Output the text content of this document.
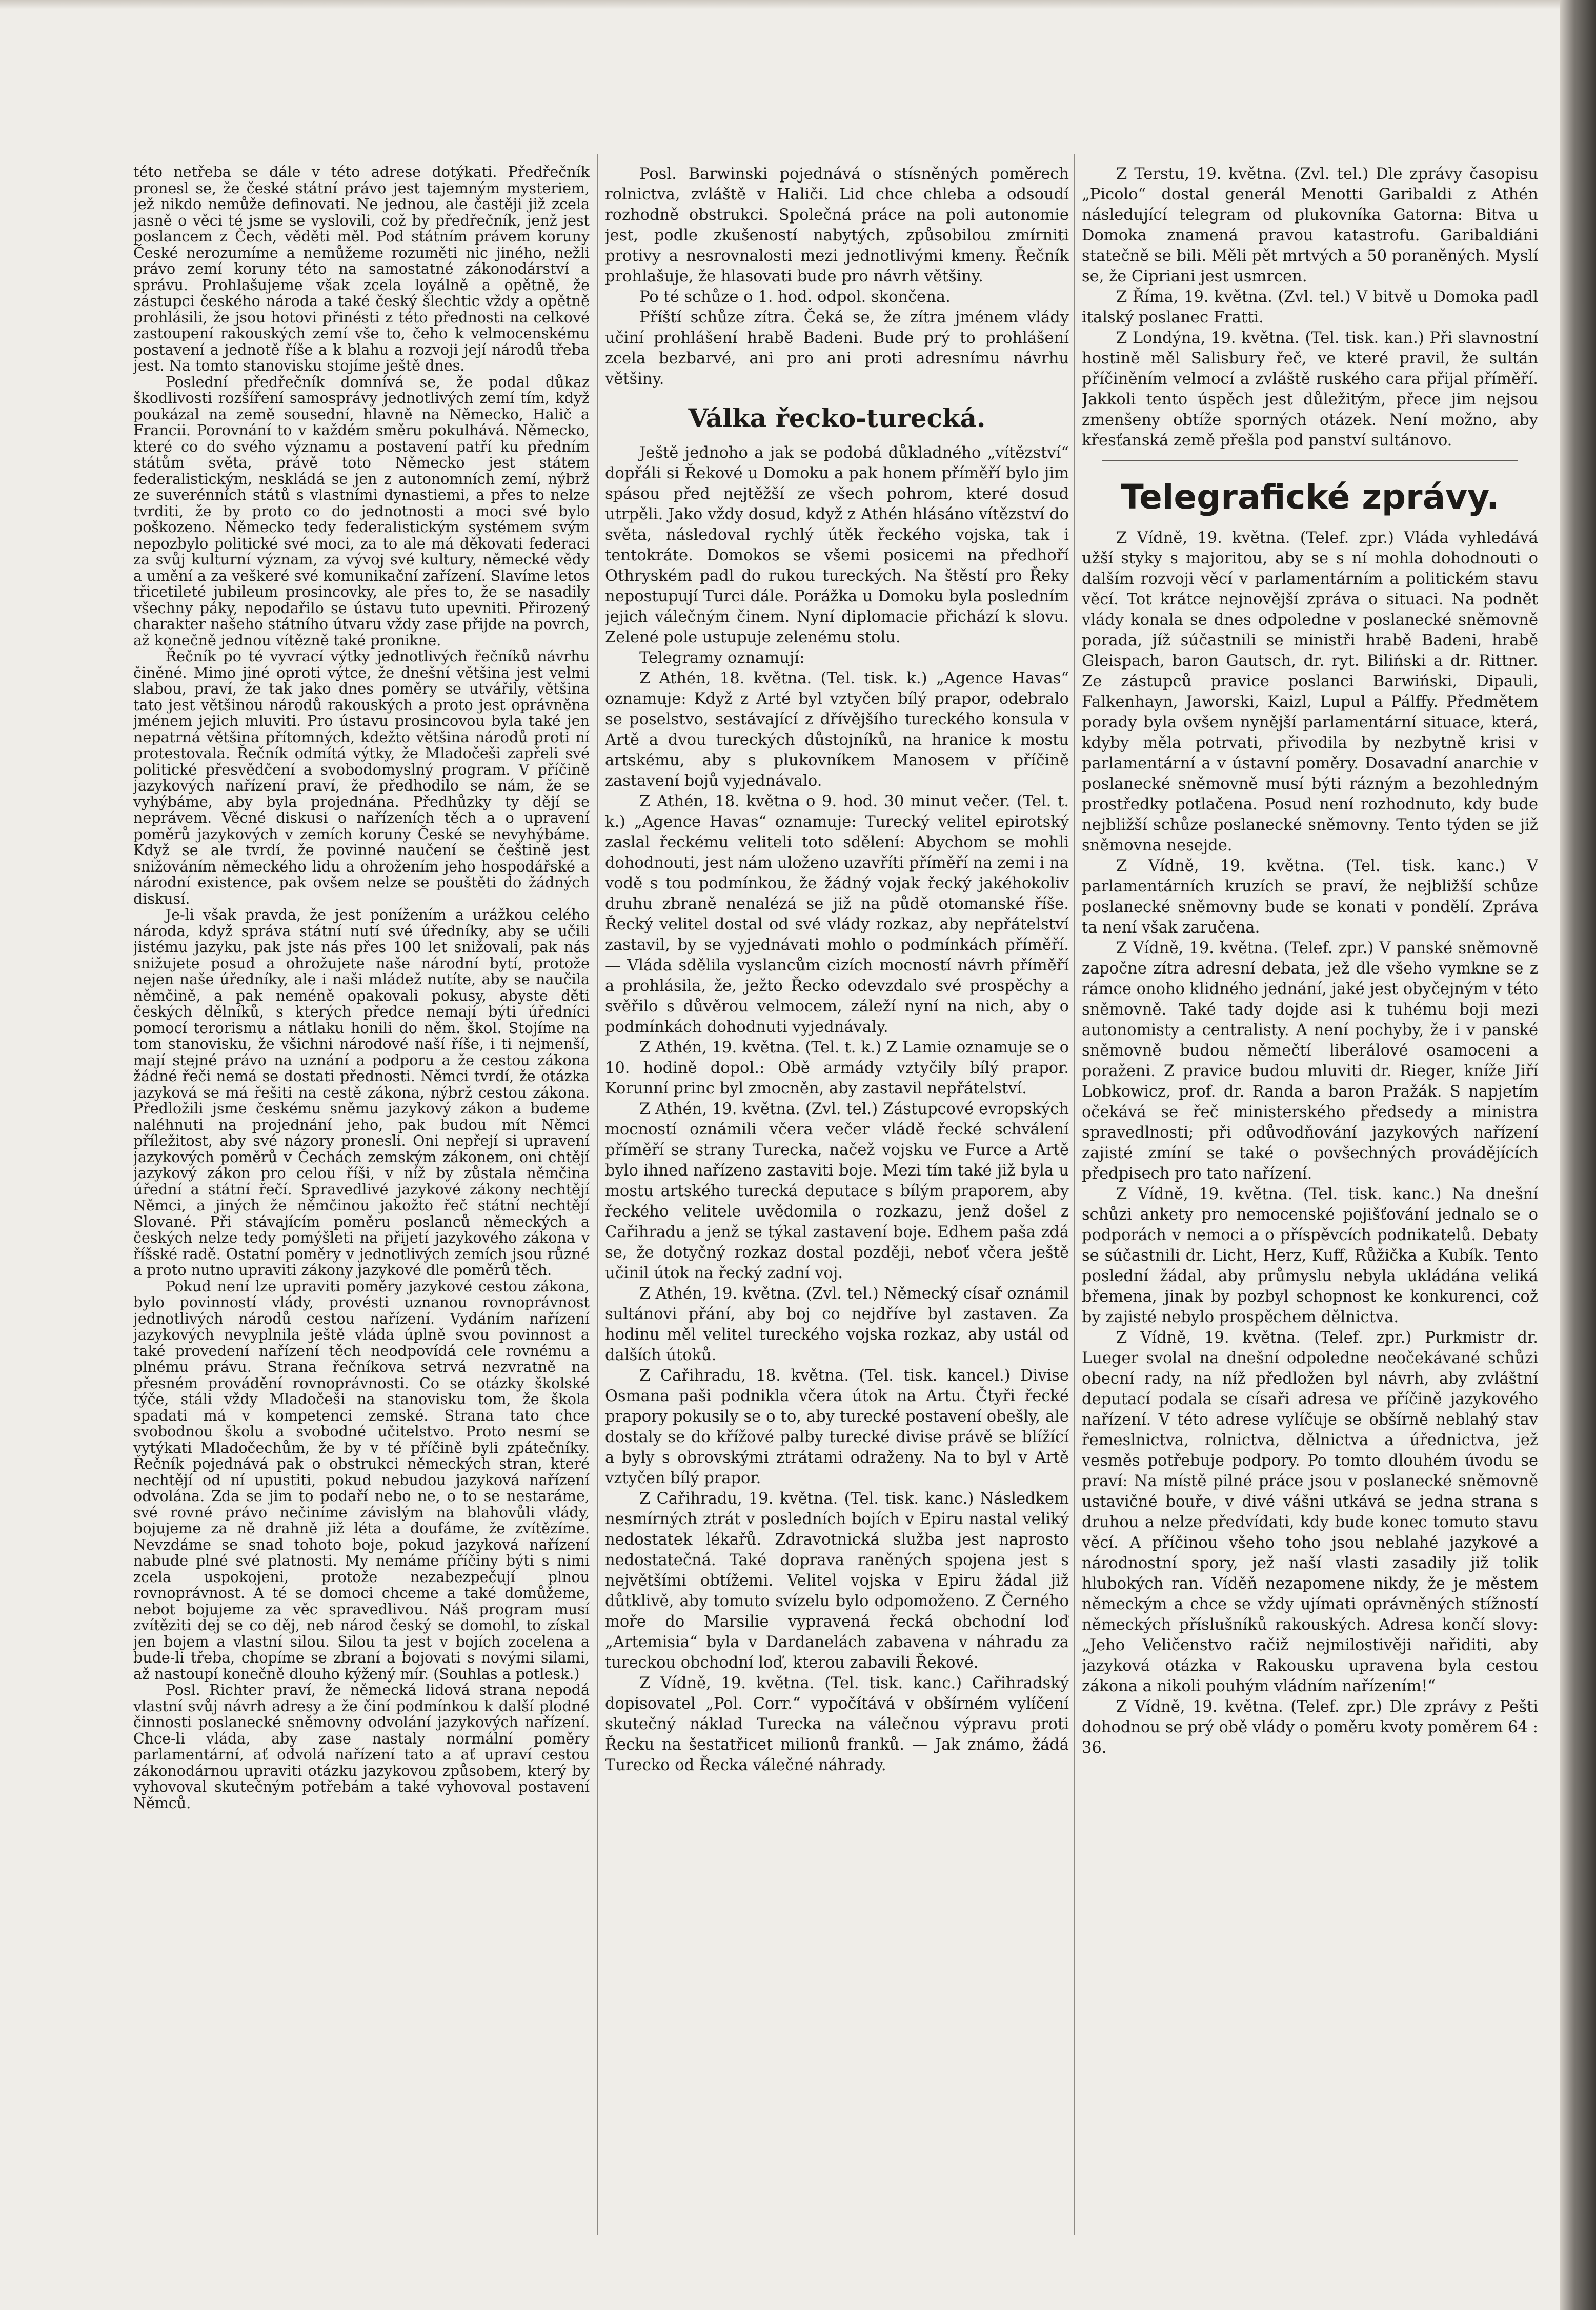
této netřeba se dále v této adrese dotýkati. Předřečník pronesl se, že české státní právo jest tajemným mysteriem, jež nikdo nemůže definovati. Ne jednou, ale častěji již zcela jasně o věci té jsme se vyslovili, což by předřečník, jenž jest poslancem z Čech, věděti měl. Pod státním právem koruny České nerozumíme a nemůžeme rozuměti nic jiného, nežli právo zemí koruny této na samostatné zákonodárství a správu. Prohlašujeme však zcela loyálně a opětně, že zástupci českého národa a také český šlechtic vždy a opětně prohlásili, že jsou hotovi přinésti z této přednosti na celkové zastoupení rakouských zemí vše to, čeho k velmocenskému postavení a jednotě říše a k blahu a rozvoji její národů třeba jest. Na tomto stanovisku stojíme ještě dnes.

Poslední předřečník domnívá se, že podal důkaz škodlivosti rozšíření samosprávy jednotlivých zemí tím, když poukázal na země sousední, hlavně na Německo, Halič a Francii. Porovnání to v každém směru pokulhává. Německo, které co do svého významu a postavení patří ku předním státům světa, právě toto Německo jest státem federalistickým, neskládá se jen z autonomních zemí, nýbrž ze suverénních států s vlastními dynastiemi, a přes to nelze tvrditi, že by proto co do jednotnosti a moci své bylo poškozeno. Německo tedy federalistickým systémem svým nepozbylo politické své moci, za to ale má děkovati federaci za svůj kulturní význam, za vývoj své kultury, německé vědy a umění a za veškeré své komunikační zařízení. Slavíme letos třicetileté jubileum prosincovky, ale přes to, že se nasadily všechny páky, nepodařilo se ústavu tuto upevniti. Přirozený charakter našeho státního útvaru vždy zase přijde na povrch, až konečně jednou vítězně také pronikne.

Řečník po té vyvrací výtky jednotlivých řečníků návrhu činěné. Mimo jiné oproti výtce, že dnešní většina jest velmi slabou, praví, že tak jako dnes poměry se utvářily, většina tato jest většinou národů rakouských a proto jest oprávněna jménem jejich mluviti. Pro ústavu prosincovou byla také jen nepatrná většina přítomných, kdežto většina národů proti ní protestovala. Řečník odmítá výtky, že Mladočeši zapřeli své politické přesvědčení a svobodomyslný program. V příčině jazykových nařízení praví, že předhodilo se nám, že se vyhýbáme, aby byla projednána. Předhůzky ty dějí se neprávem. Věcné diskusi o nařízeních těch a o upravení poměrů jazykových v zemích koruny České se nevyhýbáme. Když se ale tvrdí, že povinné naučení se češtině jest snižováním německého lidu a ohrožením jeho hospodářské a národní existence, pak ovšem nelze se pouštěti do žádných diskusí.

Je-li však pravda, že jest ponížením a urážkou celého národa, když správa státní nutí své úředníky, aby se učili jistému jazyku, pak jste nás přes 100 let snižovali, pak nás snižujete posud a ohrožujete naše národní bytí, protože nejen naše úředníky, ale i naši mládež nutíte, aby se naučila němčině, a pak neméně opakovali pokusy, abyste děti českých dělníků, s kterých předce nemají býti úředníci pomocí terorismu a nátlaku honili do něm. škol. Stojíme na tom stanovisku, že všichni národové naší říše, i ti nejmenší, mají stejné právo na uznání a podporu a že cestou zákona žádné řeči nemá se dostati přednosti. Němci tvrdí, že otázka jazyková se má řešiti na cestě zákona, nýbrž cestou zákona. Předložili jsme českému sněmu jazykový zákon a budeme naléhnuti na projednání jeho, pak budou mít Němci příležitost, aby své názory pronesli. Oni nepřejí si upravení jazykových poměrů v Čechách zemským zákonem, oni chtějí jazykový zákon pro celou říši, v níž by zůstala němčina úřední a státní řečí. Spravedlivé jazykové zákony nechtějí Němci, a jiných že němčinou jakožto řeč státní nechtějí Slované. Při stávajícím poměru poslanců německých a českých nelze tedy pomýšleti na přijetí jazykového zákona v říšské radě. Ostatní poměry v jednotlivých zemích jsou různé a proto nutno upraviti zákony jazykové dle poměrů těch.

Pokud není lze upraviti poměry jazykové cestou zákona, bylo povinností vlády, provésti uznanou rovnoprávnost jednotlivých národů cestou nařízení. Vydáním nařízení jazykových nevyplnila ještě vláda úplně svou povinnost a také provedení nařízení těch neodpovídá cele rovnému a plnému právu. Strana řečníkova setrvá nezvratně na přesném provádění rovnoprávnosti. Co se otázky školské týče, stáli vždy Mladočeši na stanovisku tom, že škola spadati má v kompetenci zemské. Strana tato chce svobodnou školu a svobodné učitelstvo. Proto nesmí se vytýkati Mladočechům, že by v té příčině byli zpátečníky. Řečník pojednává pak o obstrukci německých stran, které nechtějí od ní upustiti, pokud nebudou jazyková nařízení odvolána. Zda se jim to podaří nebo ne, o to se nestaráme, své rovné právo nečiníme závislým na blahovůli vlády, bojujeme za ně drahně již léta a doufáme, že zvítězíme. Nevzdáme se snad tohoto boje, pokud jazyková nařízení nabude plné své platnosti. My nemáme příčiny býti s nimi zcela uspokojeni, protože nezabezpečují plnou rovnoprávnost. A té se domoci chceme a také domůžeme, nebot bojujeme za věc spravedlivou. Náš program musí zvítěziti dej se co děj, neb národ český se domohl, to získal jen bojem a vlastní silou. Silou ta jest v bojích zocelena a bude-li třeba, chopíme se zbraní a bojovati s novými silami, až nastoupí konečně dlouho kýžený mír. (Souhlas a potlesk.)

Posl. Richter praví, že německá lidová strana nepodá vlastní svůj návrh adresy a že činí podmínkou k další plodné činnosti poslanecké sněmovny odvolání jazykových nařízení. Chce-li vláda, aby zase nastaly normální poměry parlamentární, ať odvolá nařízení tato a ať upraví cestou zákonodárnou upraviti otázku jazykovou způsobem, který by vyhovoval skutečným potřebám a také vyhovoval postavení Němců.

Posl. Barwinski pojednává o stísněných poměrech rolnictva, zvláště v Haliči. Lid chce chleba a odsoudí rozhodně obstrukci. Společná práce na poli autonomie jest, podle zkušeností nabytých, způsobilou zmírniti protivy a nesrovnalosti mezi jednotlivými kmeny. Řečník prohlašuje, že hlasovati bude pro návrh většiny.

Po té schůze o 1. hod. odpol. skončena.

Příští schůze zítra. Čeká se, že zítra jménem vlády učiní prohlášení hrabě Badeni. Bude prý to prohlášení zcela bezbarvé, ani pro ani proti adresnímu návrhu většiny.

Válka řecko-turecká.

Ještě jednoho a jak se podobá důkladného „vítězství“ dopřáli si Řekové u Domoku a pak honem příměří bylo jim spásou před nejtěžší ze všech pohrom, které dosud utrpěli. Jako vždy dosud, když z Athén hlásáno vítězství do světa, následoval rychlý útěk řeckého vojska, tak i tentokráte. Domokos se všemi posicemi na předhoří Othryském padl do rukou tureckých. Na štěstí pro Řeky nepostupují Turci dále. Porážka u Domoku byla posledním jejich válečným činem. Nyní diplomacie přichází k slovu. Zelené pole ustupuje zelenému stolu.

Telegramy oznamují:

Z Athén, 18. května. (Tel. tisk. k.) „Agence Havas“ oznamuje: Když z Arté byl vztyčen bílý prapor, odebralo se poselstvo, sestávající z dřívějšího tureckého konsula v Artě a dvou tureckých důstojníků, na hranice k mostu artskému, aby s plukovníkem Manosem v příčině zastavení bojů vyjednávalo.

Z Athén, 18. května o 9. hod. 30 minut večer. (Tel. t. k.) „Agence Havas“ oznamuje: Turecký velitel epirotský zaslal řeckému veliteli toto sdělení: Abychom se mohli dohodnouti, jest nám uloženo uzavříti příměří na zemi i na vodě s tou podmínkou, že žádný vojak řecký jakéhokoliv druhu zbraně nenalézá se již na půdě otomanské říše. Řecký velitel dostal od své vlády rozkaz, aby nepřátelství zastavil, by se vyjednávati mohlo o podmínkách příměří. — Vláda sdělila vyslancům cizích mocností návrh příměří a prohlásila, že, ježto Řecko odevzdalo své prospěchy a svěřilo s důvěrou velmocem, záleží nyní na nich, aby o podmínkách dohodnuti vyjednávaly.

Z Athén, 19. května. (Tel. t. k.) Z Lamie oznamuje se o 10. hodině dopol.: Obě armády vztyčily bílý prapor. Korunní princ byl zmocněn, aby zastavil nepřátelství.

Z Athén, 19. května. (Zvl. tel.) Zástupcové evropských mocností oznámili včera večer vládě řecké schválení příměří se strany Turecka, načež vojsku ve Furce a Artě bylo ihned nařízeno zastaviti boje. Mezi tím také již byla u mostu artského turecká deputace s bílým praporem, aby řeckého velitele uvědomila o rozkazu, jenž došel z Cařihradu a jenž se týkal zastavení boje. Edhem paša zdá se, že dotyčný rozkaz dostal později, neboť včera ještě učinil útok na řecký zadní voj.

Z Athén, 19. května. (Zvl. tel.) Německý císař oznámil sultánovi přání, aby boj co nejdříve byl zastaven. Za hodinu měl velitel tureckého vojska rozkaz, aby ustál od dalších útoků.

Z Cařihradu, 18. května. (Tel. tisk. kancel.) Divise Osmana paši podnikla včera útok na Artu. Čtyři řecké prapory pokusily se o to, aby turecké postavení obešly, ale dostaly se do křížové palby turecké divise právě se blížící a byly s obrovskými ztrátami odraženy. Na to byl v Artě vztyčen bílý prapor.

Z Cařihradu, 19. května. (Tel. tisk. kanc.) Následkem nesmírných ztrát v posledních bojích v Epiru nastal veliký nedostatek lékařů. Zdravotnická služba jest naprosto nedostatečná. Také doprava raněných spojena jest s největšími obtížemi. Velitel vojska v Epiru žádal již důtklivě, aby tomuto svízelu bylo odpomoženo. Z Černého moře do Marsilie vypravená řecká obchodní loď „Artemisia“ byla v Dardanelách zabavena v náhradu za tureckou obchodní loď, kterou zabavili Řekové.

Z Vídně, 19. května. (Tel. tisk. kanc.) Cařihradský dopisovatel „Pol. Corr.“ vypočítává v obšírném vylíčení skutečný náklad Turecka na válečnou výpravu proti Řecku na šestatřicet milionů franků. — Jak známo, žádá Turecko od Řecka válečné náhrady.

Z Terstu, 19. května. (Zvl. tel.) Dle zprávy časopisu „Picolo“ dostal generál Menotti Garibaldi z Athén následující telegram od plukovníka Gatorna: Bitva u Domoka znamená pravou katastrofu. Garibaldiáni statečně se bili. Měli pět mrtvých a 50 poraněných. Myslí se, že Cipriani jest usmrcen.

Z Říma, 19. května. (Zvl. tel.) V bitvě u Domoka padl italský poslanec Fratti.

Z Londýna, 19. května. (Tel. tisk. kan.) Při slavnostní hostině měl Salisbury řeč, ve které pravil, že sultán příčiněním velmocí a zvláště ruského cara přijal příměří. Jakkoli tento úspěch jest důležitým, přece jim nejsou zmenšeny obtíže sporných otázek. Není možno, aby křesťanská země přešla pod panství sultánovo.

Telegrafické zprávy.

Z Vídně, 19. května. (Telef. zpr.) Vláda vyhledává užší styky s majoritou, aby se s ní mohla dohodnouti o dalším rozvoji věcí v parlamentárním a politickém stavu věcí. Tot krátce nejnovější zpráva o situaci. Na podnět vlády konala se dnes odpoledne v poslanecké sněmovně porada, jíž súčastnili se ministři hrabě Badeni, hrabě Gleispach, baron Gautsch, dr. ryt. Biliński a dr. Rittner. Ze zástupců pravice poslanci Barwiński, Dipauli, Falkenhayn, Jaworski, Kaizl, Lupul a Pálffy. Předmětem porady byla ovšem nynější parlamentární situace, která, kdyby měla potrvati, přivodila by nezbytně krisi v parlamentární a v ústavní poměry. Dosavadní anarchie v poslanecké sněmovně musí býti rázným a bezohledným prostředky potlačena. Posud není rozhodnuto, kdy bude nejbližší schůze poslanecké sněmovny. Tento týden se již sněmovna nesejde.

Z Vídně, 19. května. (Tel. tisk. kanc.) V parlamentárních kruzích se praví, že nejbližší schůze poslanecké sněmovny bude se konati v pondělí. Zpráva ta není však zaručena.

Z Vídně, 19. května. (Telef. zpr.) V panské sněmovně započne zítra adresní debata, jež dle všeho vymkne se z rámce onoho klidného jednání, jaké jest obyčejným v této sněmovně. Také tady dojde asi k tuhému boji mezi autonomisty a centralisty. A není pochyby, že i v panské sněmovně budou němečtí liberálové osamoceni a poraženi. Z pravice budou mluviti dr. Rieger, kníže Jiří Lobkowicz, prof. dr. Randa a baron Pražák. S napjetím očekává se řeč ministerského předsedy a ministra spravedlnosti; při odůvodňování jazykových nařízení zajisté zmíní se také o povšechných provádějících předpisech pro tato nařízení.

Z Vídně, 19. května. (Tel. tisk. kanc.) Na dnešní schůzi ankety pro nemocenské pojišťování jednalo se o podporách v nemoci a o příspěvcích podnikatelů. Debaty se súčastnili dr. Licht, Herz, Kuff, Růžička a Kubík. Tento poslední žádal, aby průmyslu nebyla ukládána veliká břemena, jinak by pozbyl schopnost ke konkurenci, což by zajisté nebylo prospěchem dělnictva.

Z Vídně, 19. května. (Telef. zpr.) Purkmistr dr. Lueger svolal na dnešní odpoledne neočekávané schůzi obecní rady, na níž předložen byl návrh, aby zvláštní deputací podala se císaři adresa ve příčině jazykového nařízení. V této adrese vylíčuje se obšírně neblahý stav řemeslnictva, rolnictva, dělnictva a úřednictva, jež vesměs potřebuje podpory. Po tomto dlouhém úvodu se praví: Na místě pilné práce jsou v poslanecké sněmovně ustavičné bouře, v divé vášni utkává se jedna strana s druhou a nelze předvídati, kdy bude konec tomuto stavu věcí. A příčinou všeho toho jsou neblahé jazykové a národnostní spory, jež naší vlasti zasadily již tolik hlubokých ran. Víděň nezapomene nikdy, že je městem německým a chce se vždy ujímati oprávněných stížností německých příslušníků rakouských. Adresa končí slovy: „Jeho Veličenstvo račiž nejmilostivěji nařiditi, aby jazyková otázka v Rakousku upravena byla cestou zákona a nikoli pouhým vládním nařízením!“

Z Vídně, 19. května. (Telef. zpr.) Dle zprávy z Pešti dohodnou se prý obě vlády o poměru kvoty poměrem 64 : 36.
